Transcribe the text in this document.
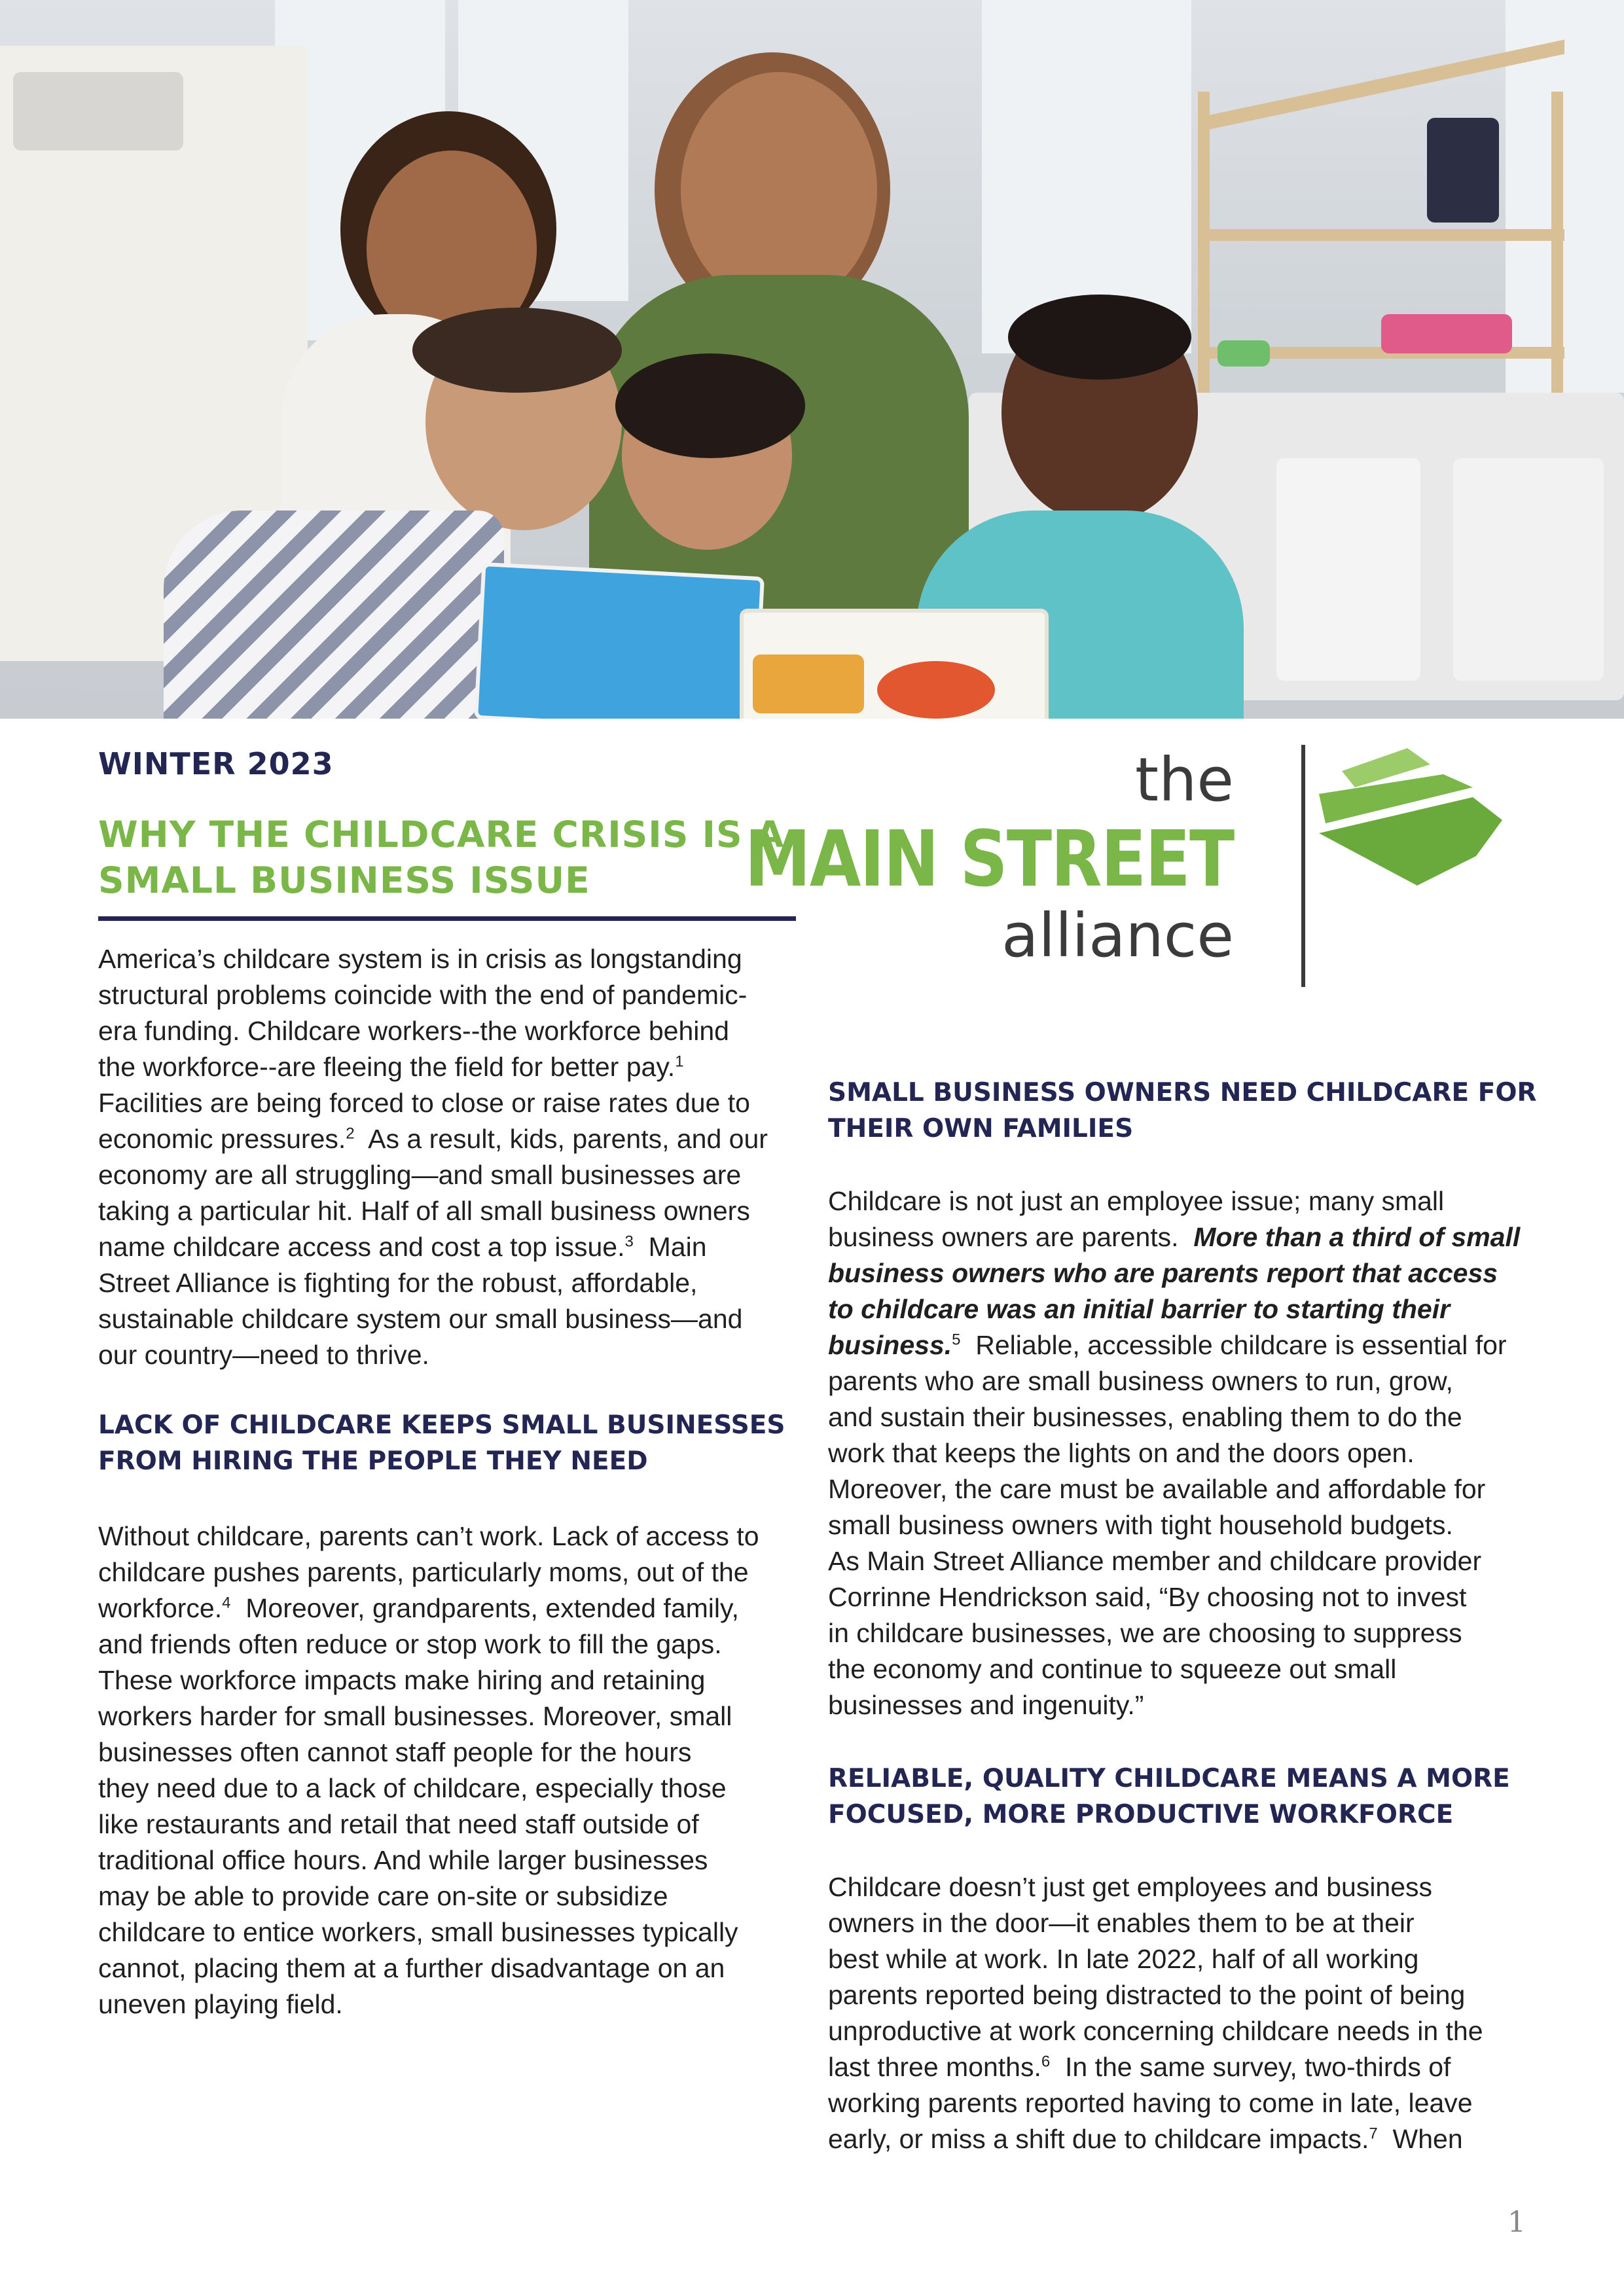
WINTER 2023
WHY THE CHILDCARE CRISIS IS A
SMALL BUSINESS ISSUE
the
MAIN STREET
alliance
America’s childcare system is in crisis as longstanding
structural problems coincide with the end of pandemic-
era funding. Childcare workers--the workforce behind
the workforce--are fleeing the field for better pay.$^1$
Facilities are being forced to close or raise rates due to
economic pressures.$^2$  As a result, kids, parents, and our
economy are all struggling—and small businesses are
taking a particular hit. Half of all small business owners
name childcare access and cost a top issue.$^3$  Main
Street Alliance is fighting for the robust, affordable,
sustainable childcare system our small business—and
our country—need to thrive.
LACK OF CHILDCARE KEEPS SMALL BUSINESSES
FROM HIRING THE PEOPLE THEY NEED
Without childcare, parents can’t work. Lack of access to
childcare pushes parents, particularly moms, out of the
workforce.$^4$  Moreover, grandparents, extended family,
and friends often reduce or stop work to fill the gaps.
These workforce impacts make hiring and retaining
workers harder for small businesses. Moreover, small
businesses often cannot staff people for the hours
they need due to a lack of childcare, especially those
like restaurants and retail that need staff outside of
traditional office hours. And while larger businesses
may be able to provide care on-site or subsidize
childcare to entice workers, small businesses typically
cannot, placing them at a further disadvantage on an
uneven playing field.
SMALL BUSINESS OWNERS NEED CHILDCARE FOR
THEIR OWN FAMILIES
Childcare is not just an employee issue; many small
business owners are parents.  More than a third of small
business owners who are parents report that access
to childcare was an initial barrier to starting their
business.$^5$  Reliable, accessible childcare is essential for
parents who are small business owners to run, grow,
and sustain their businesses, enabling them to do the
work that keeps the lights on and the doors open.
Moreover, the care must be available and affordable for
small business owners with tight household budgets.
As Main Street Alliance member and childcare provider
Corrinne Hendrickson said, “By choosing not to invest
in childcare businesses, we are choosing to suppress
the economy and continue to squeeze out small
businesses and ingenuity.”
RELIABLE, QUALITY CHILDCARE MEANS A MORE
FOCUSED, MORE PRODUCTIVE WORKFORCE
Childcare doesn’t just get employees and business
owners in the door—it enables them to be at their
best while at work. In late 2022, half of all working
parents reported being distracted to the point of being
unproductive at work concerning childcare needs in the
last three months.$^6$  In the same survey, two-thirds of
working parents reported having to come in late, leave
early, or miss a shift due to childcare impacts.$^7$  When
1
